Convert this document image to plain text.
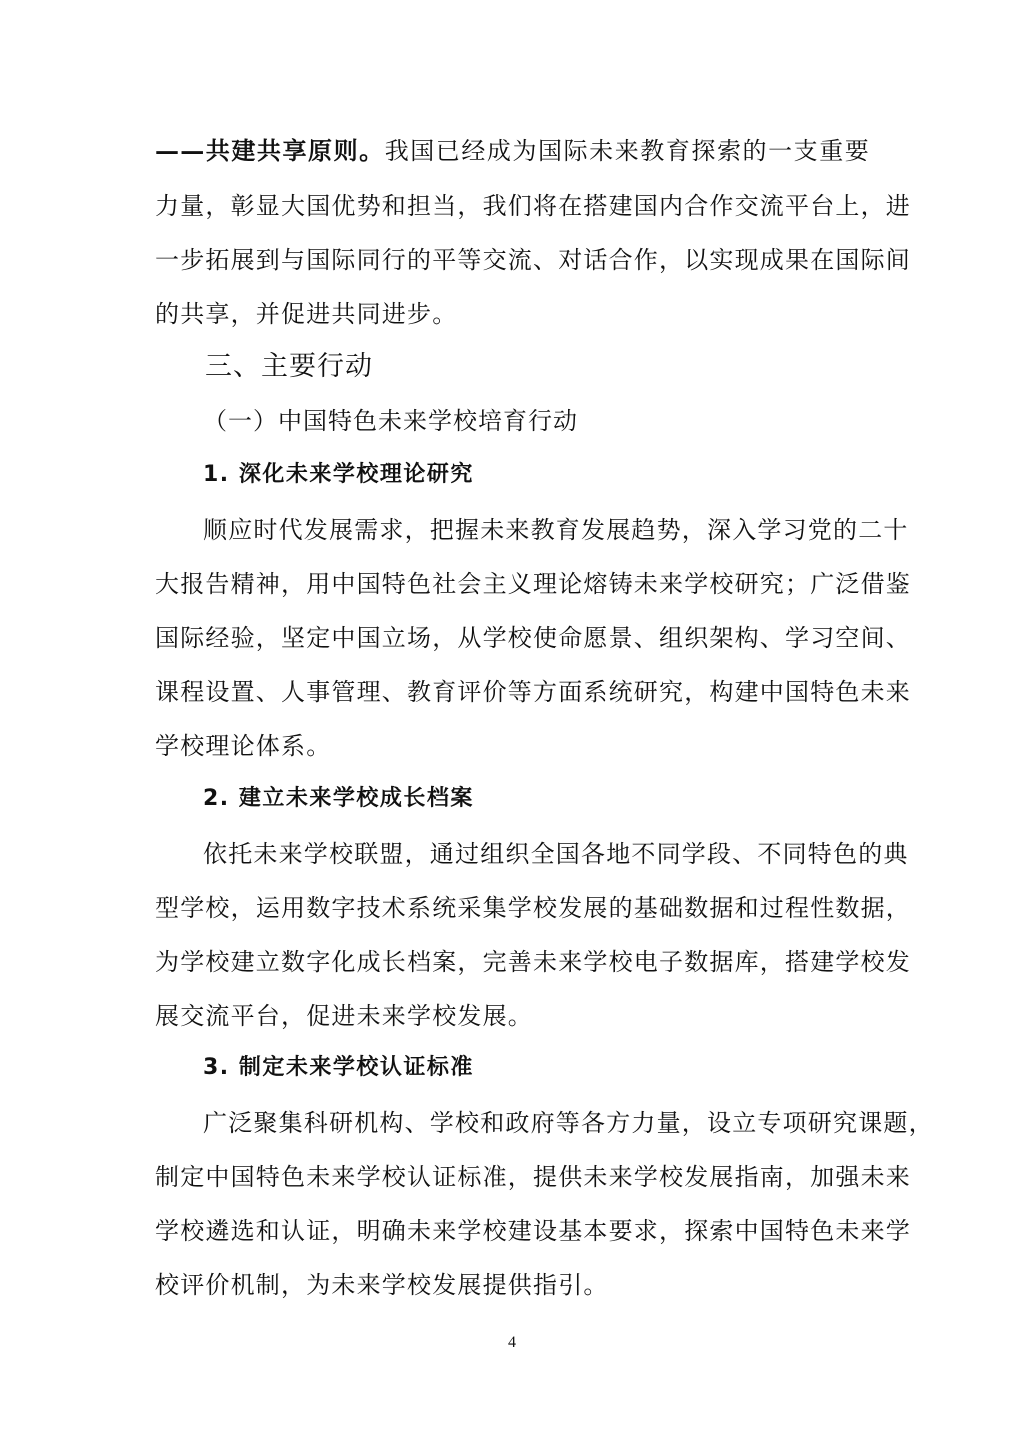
——共建共享原则。我国已经成为国际未来教育探索的一支重要
力量，彰显大国优势和担当，我们将在搭建国内合作交流平台上，进
一步拓展到与国际同行的平等交流、对话合作，以实现成果在国际间
的共享，并促进共同进步。
三、主要行动
（一）中国特色未来学校培育行动
1. 深化未来学校理论研究
顺应时代发展需求，把握未来教育发展趋势，深入学习党的二十
大报告精神，用中国特色社会主义理论熔铸未来学校研究；广泛借鉴
国际经验，坚定中国立场，从学校使命愿景、组织架构、学习空间、
课程设置、人事管理、教育评价等方面系统研究，构建中国特色未来
学校理论体系。
2. 建立未来学校成长档案
依托未来学校联盟，通过组织全国各地不同学段、不同特色的典
型学校，运用数字技术系统采集学校发展的基础数据和过程性数据，
为学校建立数字化成长档案，完善未来学校电子数据库，搭建学校发
展交流平台，促进未来学校发展。
3. 制定未来学校认证标准
广泛聚集科研机构、学校和政府等各方力量，设立专项研究课题，
制定中国特色未来学校认证标准，提供未来学校发展指南，加强未来
学校遴选和认证，明确未来学校建设基本要求，探索中国特色未来学
校评价机制，为未来学校发展提供指引。
4
